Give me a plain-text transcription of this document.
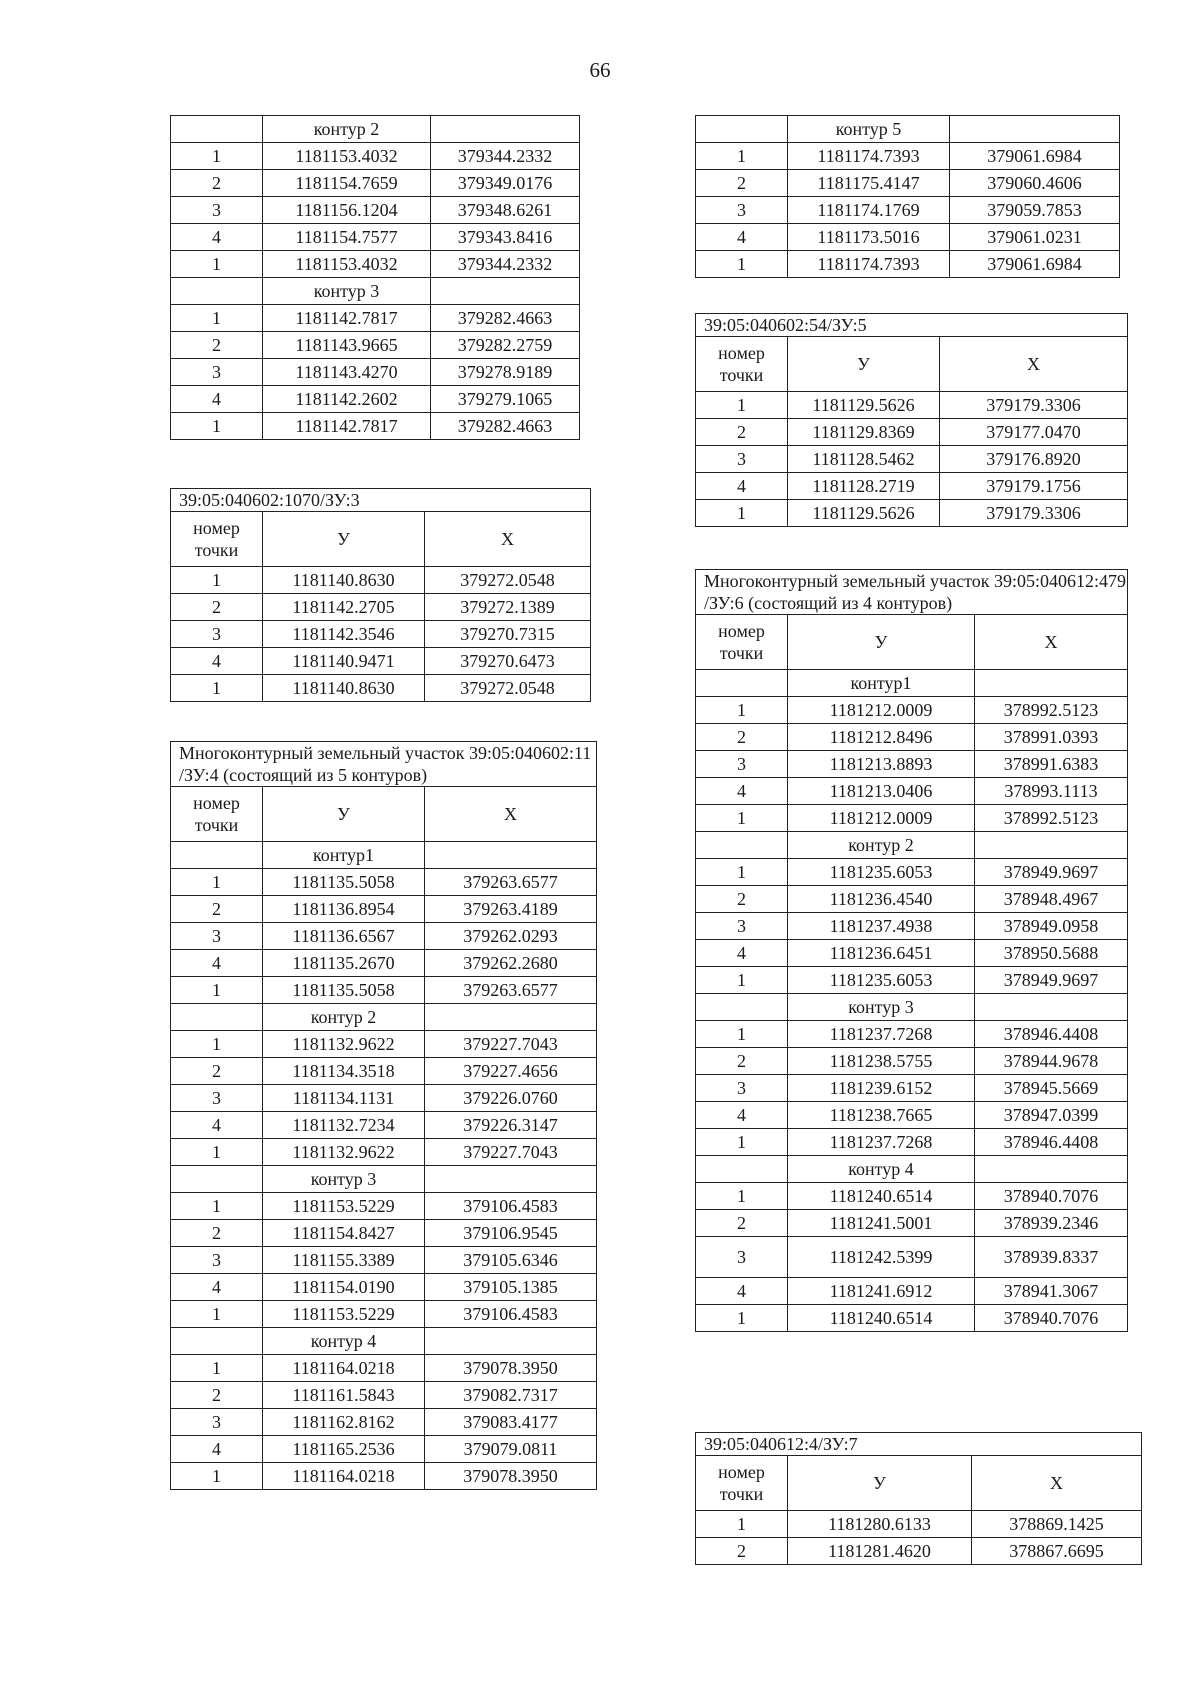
66
	контур 2	
1	1181153.4032	379344.2332
2	1181154.7659	379349.0176
3	1181156.1204	379348.6261
4	1181154.7577	379343.8416
1	1181153.4032	379344.2332
	контур 3	
1	1181142.7817	379282.4663
2	1181143.9665	379282.2759
3	1181143.4270	379278.9189
4	1181142.2602	379279.1065
1	1181142.7817	379282.4663
39:05:040602:1070/ЗУ:3		
номер точки	У	Х
1	1181140.8630	379272.0548
2	1181142.2705	379272.1389
3	1181142.3546	379270.7315
4	1181140.9471	379270.6473
1	1181140.8630	379272.0548
Многоконтурный земельный участок 39:05:040602:11 /ЗУ:4 (состоящий из 5 контуров)		
номер точки	У	Х
	контур1	
1	1181135.5058	379263.6577
2	1181136.8954	379263.4189
3	1181136.6567	379262.0293
4	1181135.2670	379262.2680
1	1181135.5058	379263.6577
	контур 2	
1	1181132.9622	379227.7043
2	1181134.3518	379227.4656
3	1181134.1131	379226.0760
4	1181132.7234	379226.3147
1	1181132.9622	379227.7043
	контур 3	
1	1181153.5229	379106.4583
2	1181154.8427	379106.9545
3	1181155.3389	379105.6346
4	1181154.0190	379105.1385
1	1181153.5229	379106.4583
	контур 4	
1	1181164.0218	379078.3950
2	1181161.5843	379082.7317
3	1181162.8162	379083.4177
4	1181165.2536	379079.0811
1	1181164.0218	379078.3950
	контур 5	
1	1181174.7393	379061.6984
2	1181175.4147	379060.4606
3	1181174.1769	379059.7853
4	1181173.5016	379061.0231
1	1181174.7393	379061.6984
39:05:040602:54/ЗУ:5		
номер точки	У	Х
1	1181129.5626	379179.3306
2	1181129.8369	379177.0470
3	1181128.5462	379176.8920
4	1181128.2719	379179.1756
1	1181129.5626	379179.3306
Многоконтурный земельный участок 39:05:040612:479 /ЗУ:6 (состоящий из 4 контуров)		
номер точки	У	Х
	контур1	
1	1181212.0009	378992.5123
2	1181212.8496	378991.0393
3	1181213.8893	378991.6383
4	1181213.0406	378993.1113
1	1181212.0009	378992.5123
	контур 2	
1	1181235.6053	378949.9697
2	1181236.4540	378948.4967
3	1181237.4938	378949.0958
4	1181236.6451	378950.5688
1	1181235.6053	378949.9697
	контур 3	
1	1181237.7268	378946.4408
2	1181238.5755	378944.9678
3	1181239.6152	378945.5669
4	1181238.7665	378947.0399
1	1181237.7268	378946.4408
	контур 4	
1	1181240.6514	378940.7076
2	1181241.5001	378939.2346
3	1181242.5399	378939.8337
4	1181241.6912	378941.3067
1	1181240.6514	378940.7076
39:05:040612:4/ЗУ:7		
номер точки	У	Х
1	1181280.6133	378869.1425
2	1181281.4620	378867.6695
